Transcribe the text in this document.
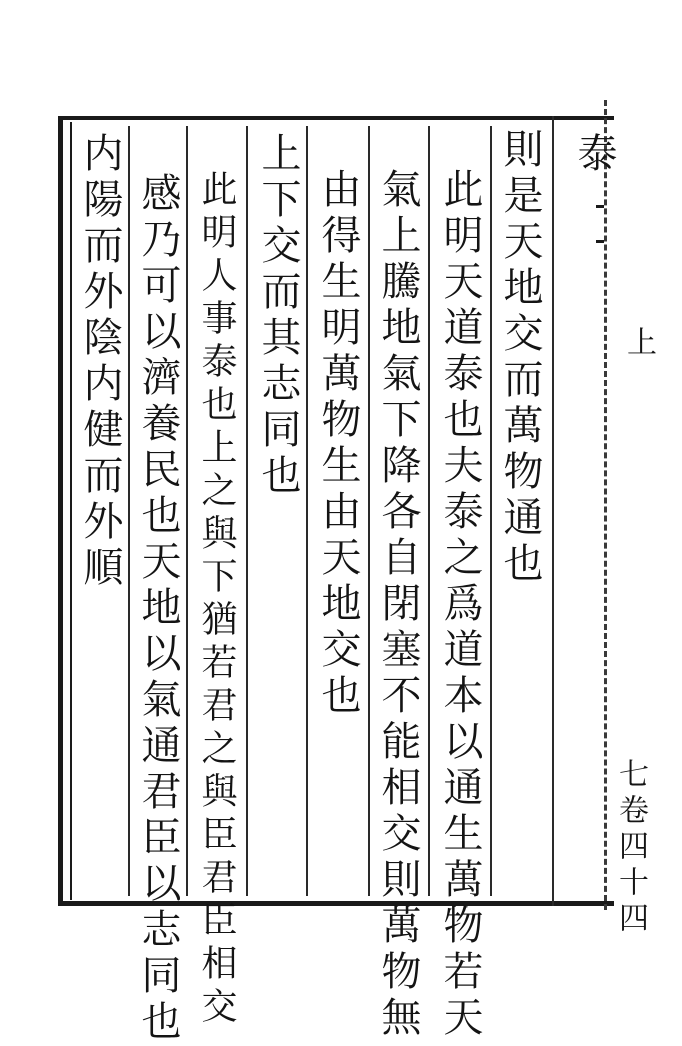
泰
上
七卷四十四
則是天地交而萬物通也
此明天道泰也夫泰之爲道本以通生萬物若天
氣上騰地氣下降各自閉塞不能相交則萬物無
由得生明萬物生由天地交也
上下交而其志同也
此明人事泰也上之與下猶若君之與臣君臣相交
感乃可以濟養民也天地以氣通君臣以志同也
内陽而外陰内健而外順
